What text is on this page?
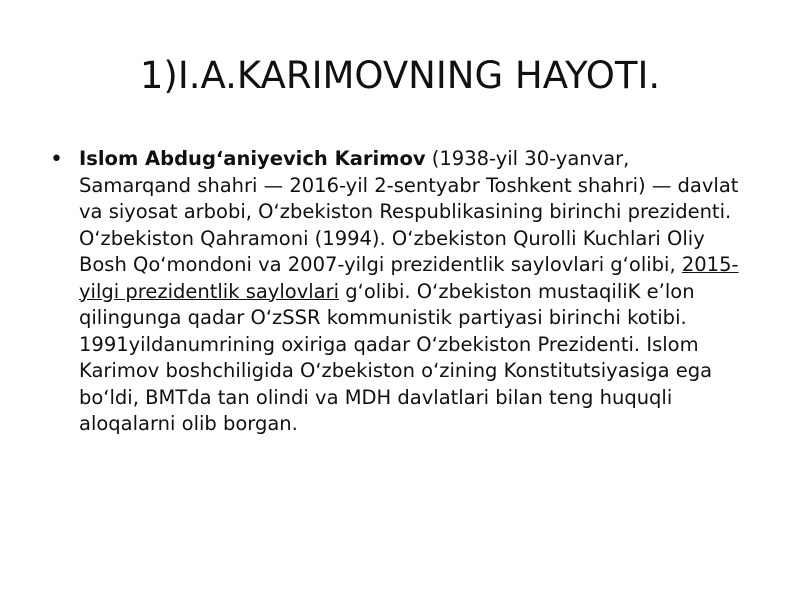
1)I.A.KARIMOVNING HAYOTI.
• Islom Abdugʻaniyevich Karimov (1938-yil 30-yanvar, Samarqand shahri — 2016-yil 2-sentyabr Toshkent shahri) — davlat va siyosat arbobi, Oʻzbekiston Respublikasining birinchi prezidenti. Oʻzbekiston Qahramoni (1994). Oʻzbekiston Qurolli Kuchlari Oliy Bosh Qoʻmondoni va 2007-yilgi prezidentlik saylovlari gʻolibi, 2015-yilgi prezidentlik saylovlari gʻolibi. Oʻzbekiston mustaqiliK e’lon qilingunga qadar OʻzSSR kommunistik partiyasi birinchi kotibi. 1991yildanumrining oxiriga qadar Oʻzbekiston Prezidenti. Islom Karimov boshchiligida Oʻzbekiston oʻzining Konstitutsiyasiga ega boʻldi, BMTda tan olindi va MDH davlatlari bilan teng huquqli aloqalarni olib borgan.
